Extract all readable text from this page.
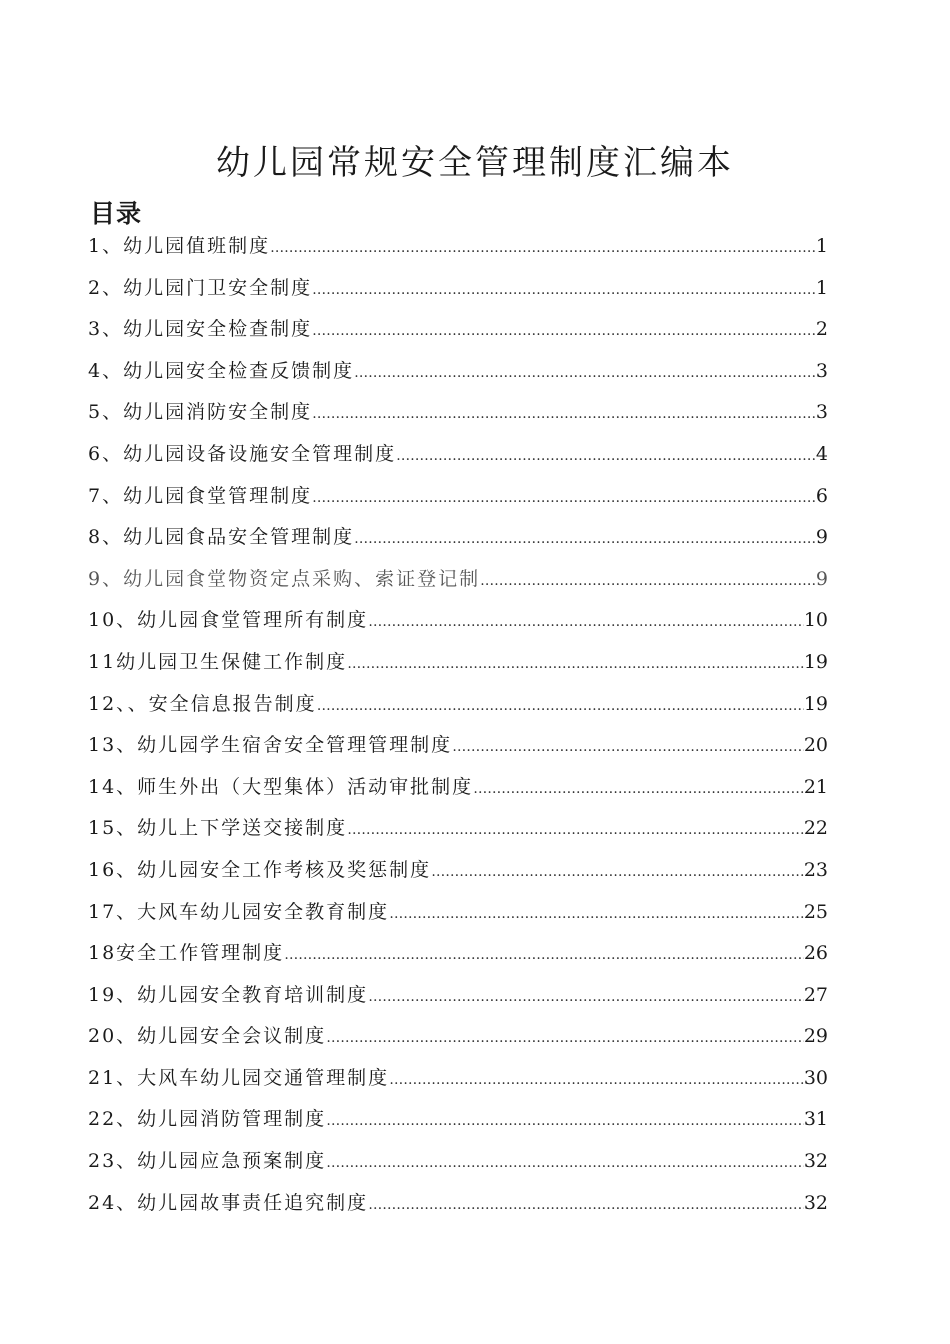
幼儿园常规安全管理制度汇编本
目录
1、幼儿园值班制度 ……………………………………………………………………………………………………………………………………………………………………………………………………	1
2、幼儿园门卫安全制度 ……………………………………………………………………………………………………………………………………………………………………………………………………	1
3、幼儿园安全检查制度 ……………………………………………………………………………………………………………………………………………………………………………………………………	2
4、幼儿园安全检查反馈制度 ……………………………………………………………………………………………………………………………………………………………………………………………………	3
5、幼儿园消防安全制度 ……………………………………………………………………………………………………………………………………………………………………………………………………	3
6、幼儿园设备设施安全管理制度 ……………………………………………………………………………………………………………………………………………………………………………………………………	4
7、幼儿园食堂管理制度 ……………………………………………………………………………………………………………………………………………………………………………………………………	6
8、幼儿园食品安全管理制度 ……………………………………………………………………………………………………………………………………………………………………………………………………	9
9、幼儿园食堂物资定点采购、索证登记制 ……………………………………………………………………………………………………………………………………………………………………………………………………	9
10、幼儿园食堂管理所有制度 ……………………………………………………………………………………………………………………………………………………………………………………………………	10
11幼儿园卫生保健工作制度 ……………………………………………………………………………………………………………………………………………………………………………………………………	19
12、、安全信息报告制度 ……………………………………………………………………………………………………………………………………………………………………………………………………	19
13、幼儿园学生宿舍安全管理管理制度 ……………………………………………………………………………………………………………………………………………………………………………………………………	20
14、师生外出（大型集体）活动审批制度 ……………………………………………………………………………………………………………………………………………………………………………………………………	21
15、幼儿上下学送交接制度 ……………………………………………………………………………………………………………………………………………………………………………………………………	22
16、幼儿园安全工作考核及奖惩制度 ……………………………………………………………………………………………………………………………………………………………………………………………………	23
17、大风车幼儿园安全教育制度 ……………………………………………………………………………………………………………………………………………………………………………………………………	25
18安全工作管理制度 ……………………………………………………………………………………………………………………………………………………………………………………………………	26
19、幼儿园安全教育培训制度 ……………………………………………………………………………………………………………………………………………………………………………………………………	27
20、幼儿园安全会议制度 ……………………………………………………………………………………………………………………………………………………………………………………………………	29
21、大风车幼儿园交通管理制度 ……………………………………………………………………………………………………………………………………………………………………………………………………	30
22、幼儿园消防管理制度 ……………………………………………………………………………………………………………………………………………………………………………………………………	31
23、幼儿园应急预案制度 ……………………………………………………………………………………………………………………………………………………………………………………………………	32
24、幼儿园故事责任追究制度 ……………………………………………………………………………………………………………………………………………………………………………………………………	32
